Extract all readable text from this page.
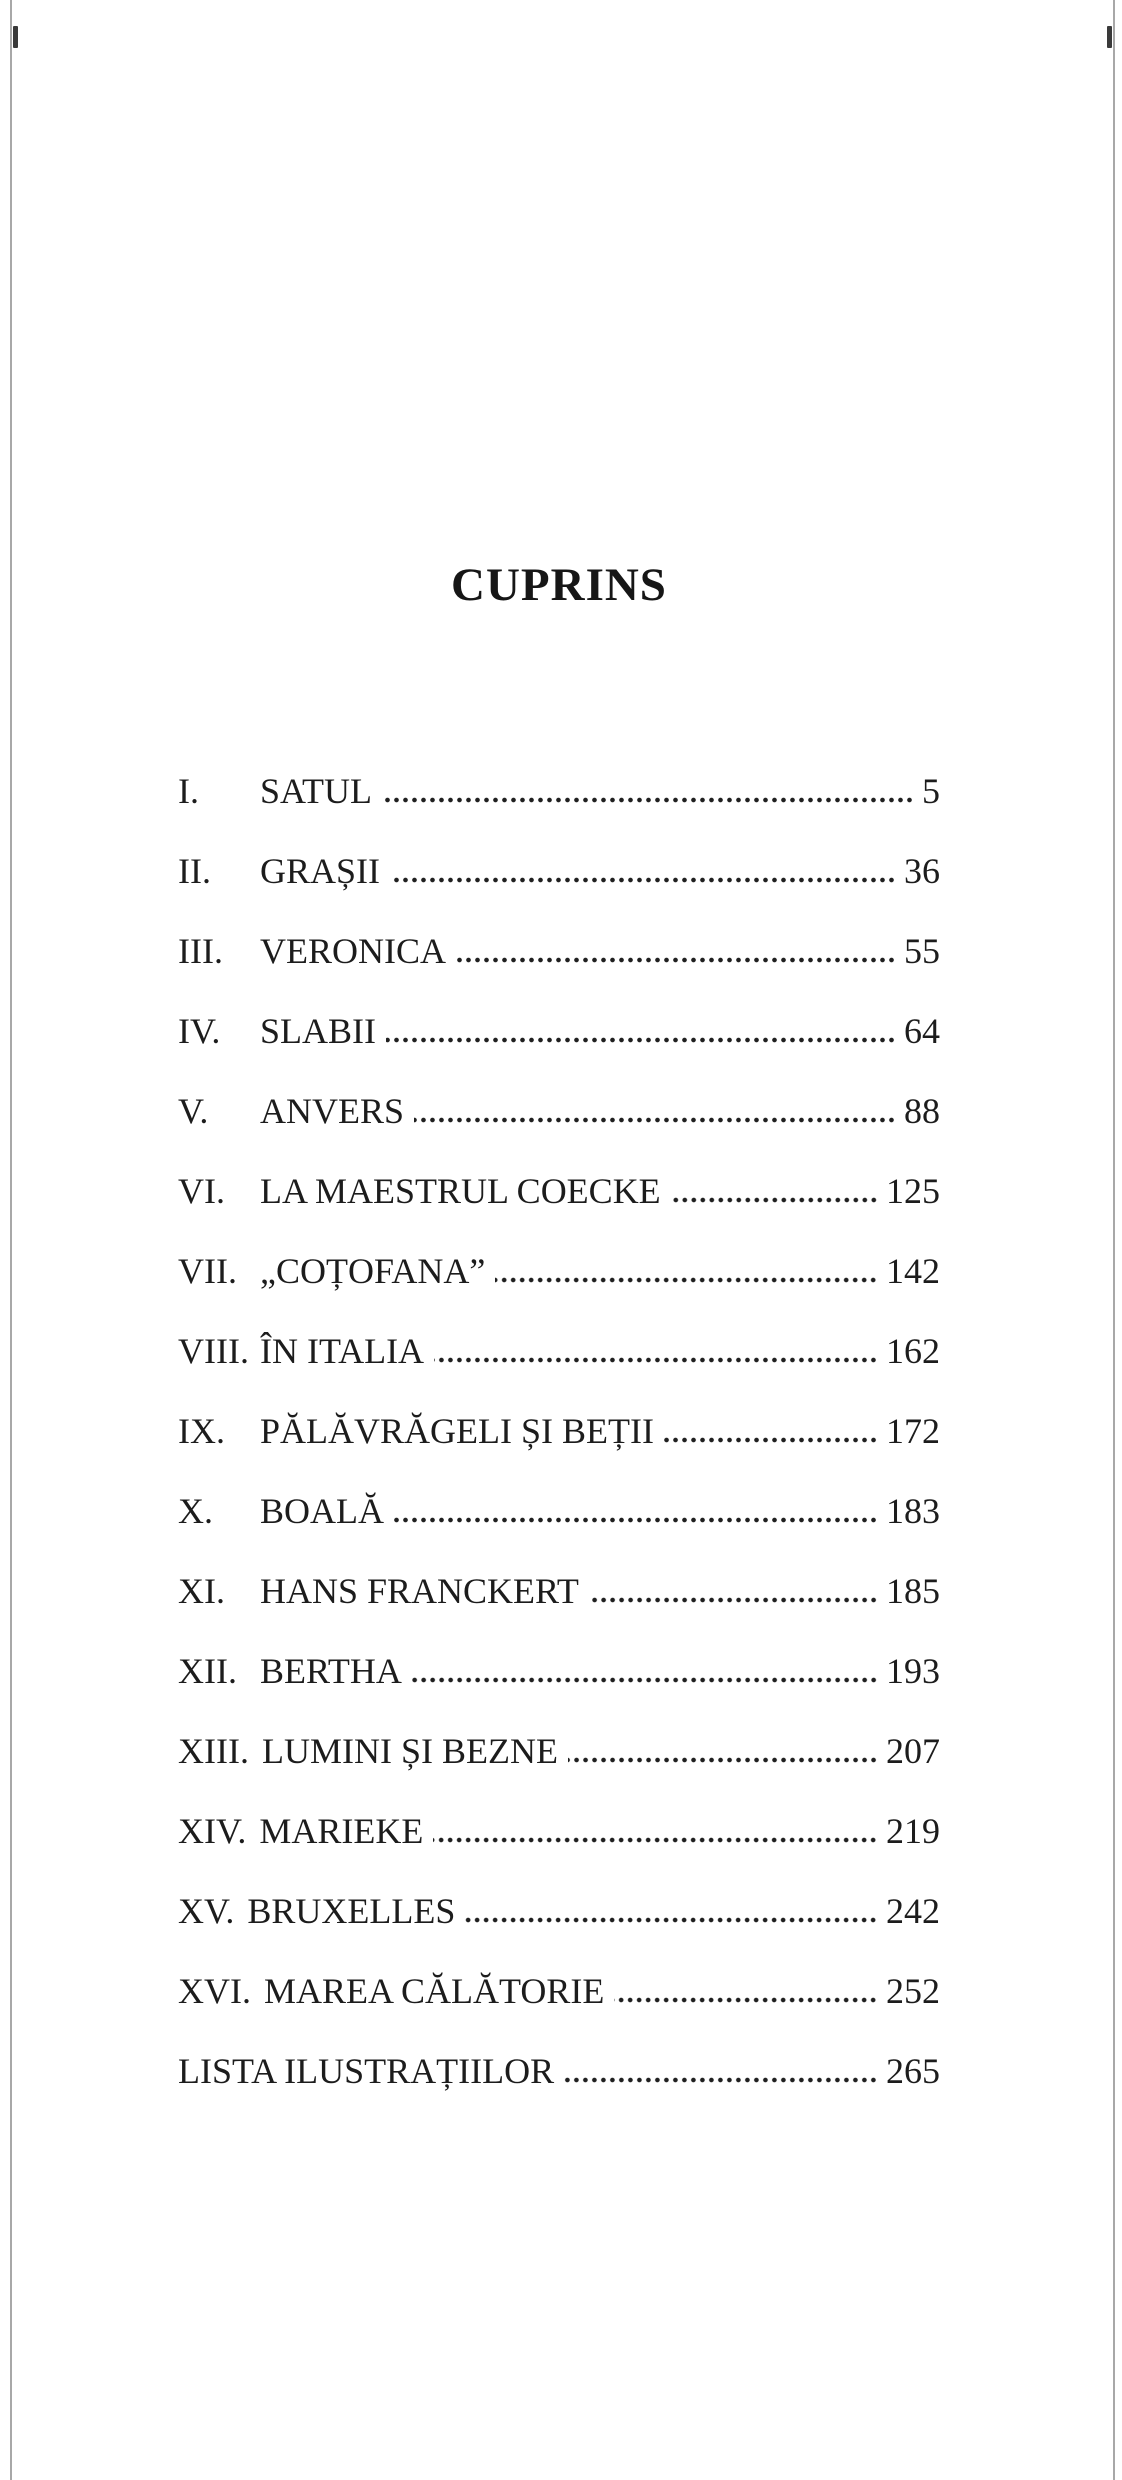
CUPRINS
I.	SATUL	5
II.	GRAȘII	36
III.	VERONICA	55
IV.	SLABII	64
V.	ANVERS	88
VI. LA MAESTRUL COECKE	125
VII. „COȚOFANA”	142
VIII. ÎN ITALIA	162
IX. PĂLĂVRĂGELI ȘI BEȚII	172
X.	BOALĂ	183
XI. HANS FRANCKERT	185
XII. BERTHA	193
XIII. LUMINI ȘI BEZNE	207
XIV. MARIEKE	219
XV. BRUXELLES	242
XVI. MAREA CĂLĂTORIE	252
LISTA ILUSTRAȚIILOR	265
